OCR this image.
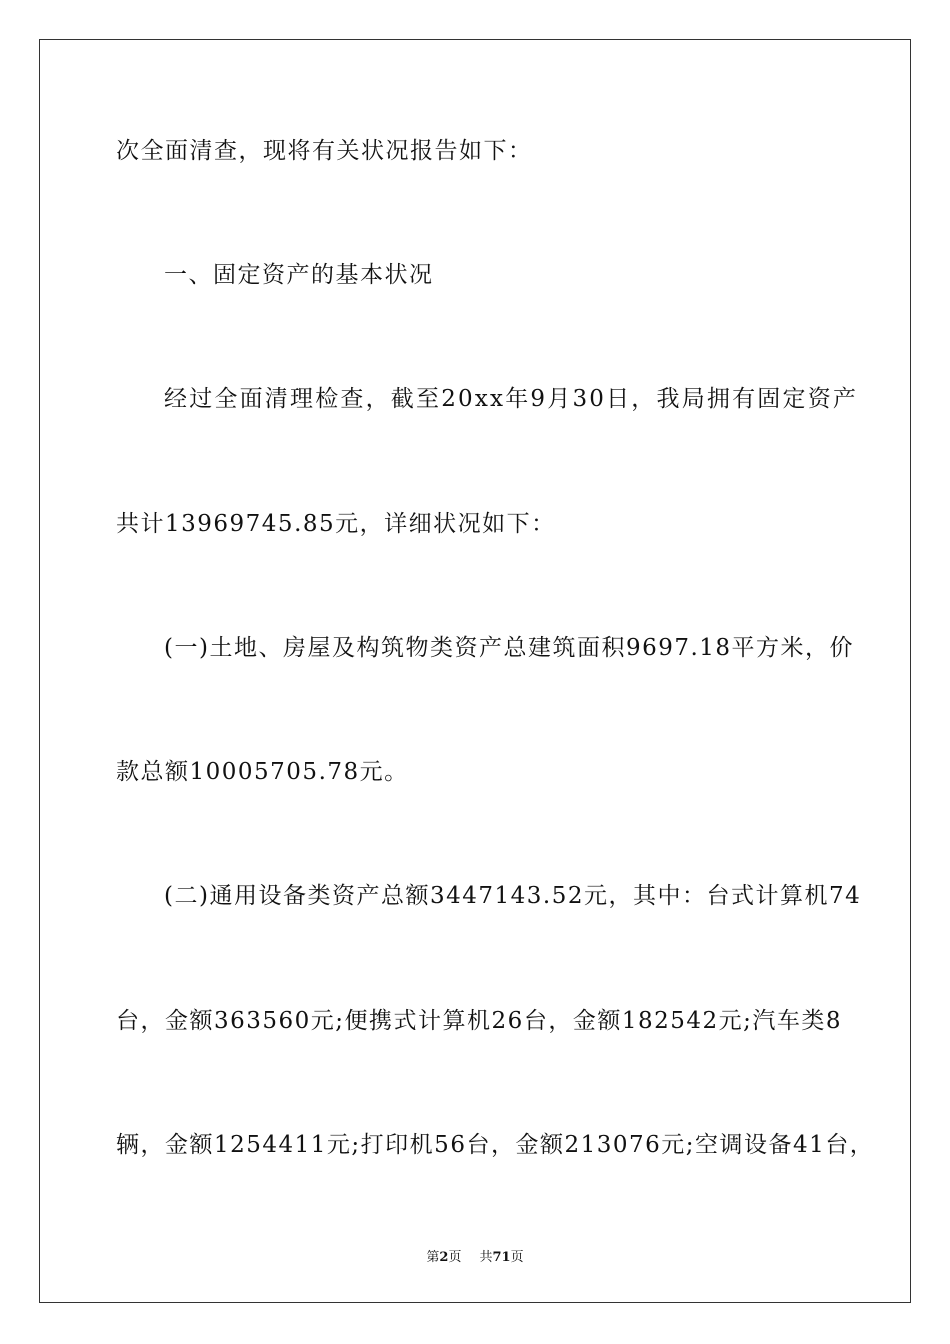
次全面清查，现将有关状况报告如下：
一、固定资产的基本状况
经过全面清理检查，截至20xx年9月30日，我局拥有固定资产
共计13969745.85元，详细状况如下：
(一)土地、房屋及构筑物类资产总建筑面积9697.18平方米，价
款总额10005705.78元。
(二)通用设备类资产总额3447143.52元，其中：台式计算机74
台，金额363560元;便携式计算机26台，金额182542元;汽车类8
辆，金额1254411元;打印机56台，金额213076元;空调设备41台，
第2页 共71页
